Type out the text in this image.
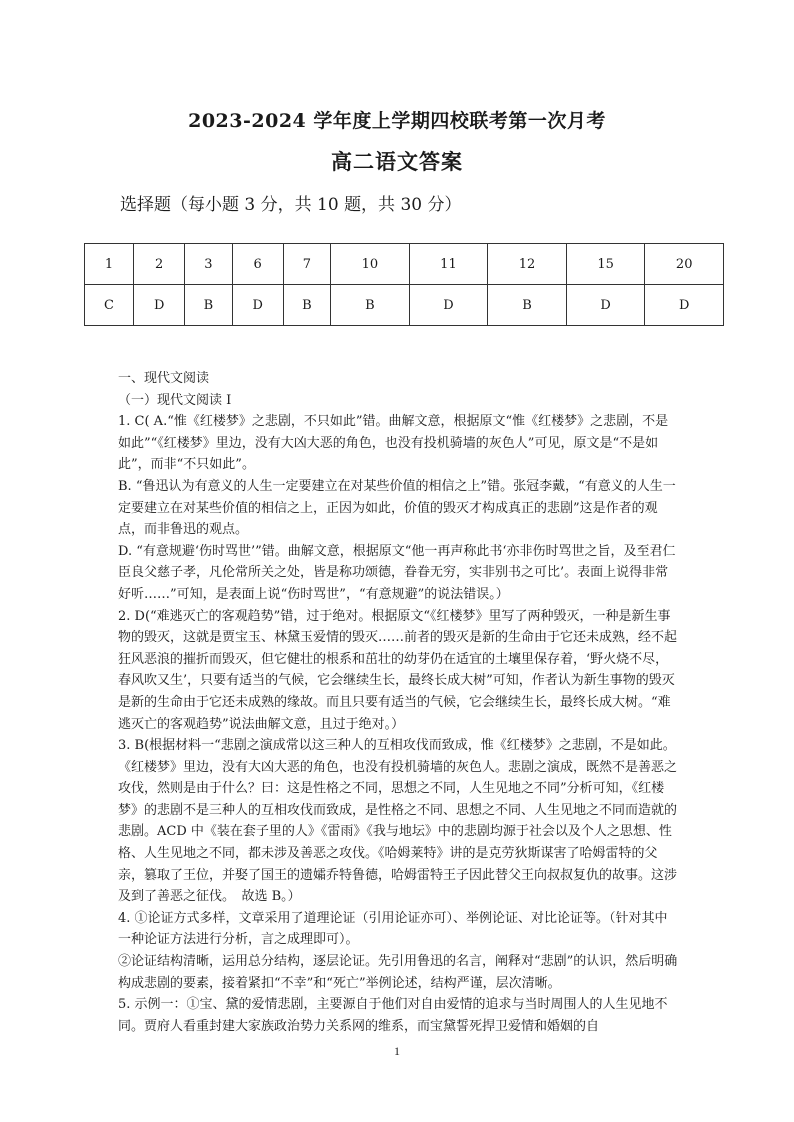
2023-2024 学年度上学期四校联考第一次月考
高二语文答案
选择题（每小题 3 分，共 10 题，共 30 分）
1	2	3	6	7	10	11	12	15	20
C	D	B	D	B	B	D	B	D	D

一、现代文阅读

（一）现代文阅读 I

1. C( A.“惟《红楼梦》之悲剧，不只如此”错。曲解文意，根据原文“惟《红楼梦》之悲剧，不是如此”“《红楼梦》里边，没有大凶大恶的角色，也没有投机骑墙的灰色人”可见，原文是“不是如此”，而非“不只如此”。

B. “鲁迅认为有意义的人生一定要建立在对某些价值的相信之上”错。张冠李戴，“有意义的人生一定要建立在对某些价值的相信之上，正因为如此，价值的毁灭才构成真正的悲剧”这是作者的观点，而非鲁迅的观点。

D. “有意规避‘伤时骂世’”错。曲解文意，根据原文“他一再声称此书‘亦非伤时骂世之旨，及至君仁臣良父慈子孝，凡伦常所关之处，皆是称功颂德，眷眷无穷，实非别书之可比’。表面上说得非常好听……”可知，是表面上说“伤时骂世”，“有意规避”的说法错误。）

2. D(“难逃灭亡的客观趋势”错，过于绝对。根据原文“《红楼梦》里写了两种毁灭，一种是新生事物的毁灭，这就是贾宝玉、林黛玉爱情的毁灭……前者的毁灭是新的生命由于它还未成熟，经不起狂风恶浪的摧折而毁灭，但它健壮的根系和茁壮的幼芽仍在适宜的土壤里保存着，‘野火烧不尽，春风吹又生’，只要有适当的气候，它会继续生长，最终长成大树”可知，作者认为新生事物的毁灭是新的生命由于它还未成熟的缘故。而且只要有适当的气候，它会继续生长，最终长成大树。“难逃灭亡的客观趋势”说法曲解文意，且过于绝对。）

3. B(根据材料一“悲剧之演成常以这三种人的互相攻伐而致成，惟《红楼梦》之悲剧，不是如此。《红楼梦》里边，没有大凶大恶的角色，也没有投机骑墙的灰色人。悲剧之演成，既然不是善恶之攻伐，然则是由于什么？曰：这是性格之不同，思想之不同，人生见地之不同”分析可知，《红楼梦》的悲剧不是三种人的互相攻伐而致成，是性格之不同、思想之不同、人生见地之不同而造就的悲剧。ACD 中《装在套子里的人》《雷雨》《我与地坛》中的悲剧均源于社会以及个人之思想、性格、人生见地之不同，都未涉及善恶之攻伐。《哈姆莱特》讲的是克劳狄斯谋害了哈姆雷特的父亲，篡取了王位，并娶了国王的遗孀乔特鲁德，哈姆雷特王子因此替父王向叔叔复仇的故事。这涉及到了善恶之征伐。　故选 B。）

4. ①论证方式多样，文章采用了道理论证（引用论证亦可）、举例论证、对比论证等。（针对其中一种论证方法进行分析，言之成理即可）。

②论证结构清晰，运用总分结构，逐层论证。先引用鲁迅的名言，阐释对“悲剧”的认识，然后明确构成悲剧的要素，接着紧扣“不幸”和“死亡”举例论述，结构严谨，层次清晰。

5. 示例一：①宝、黛的爱情悲剧，主要源自于他们对自由爱情的追求与当时周围人的人生见地不同。贾府人看重封建大家族政治势力关系网的维系，而宝黛誓死捍卫爱情和婚姻的自

1
